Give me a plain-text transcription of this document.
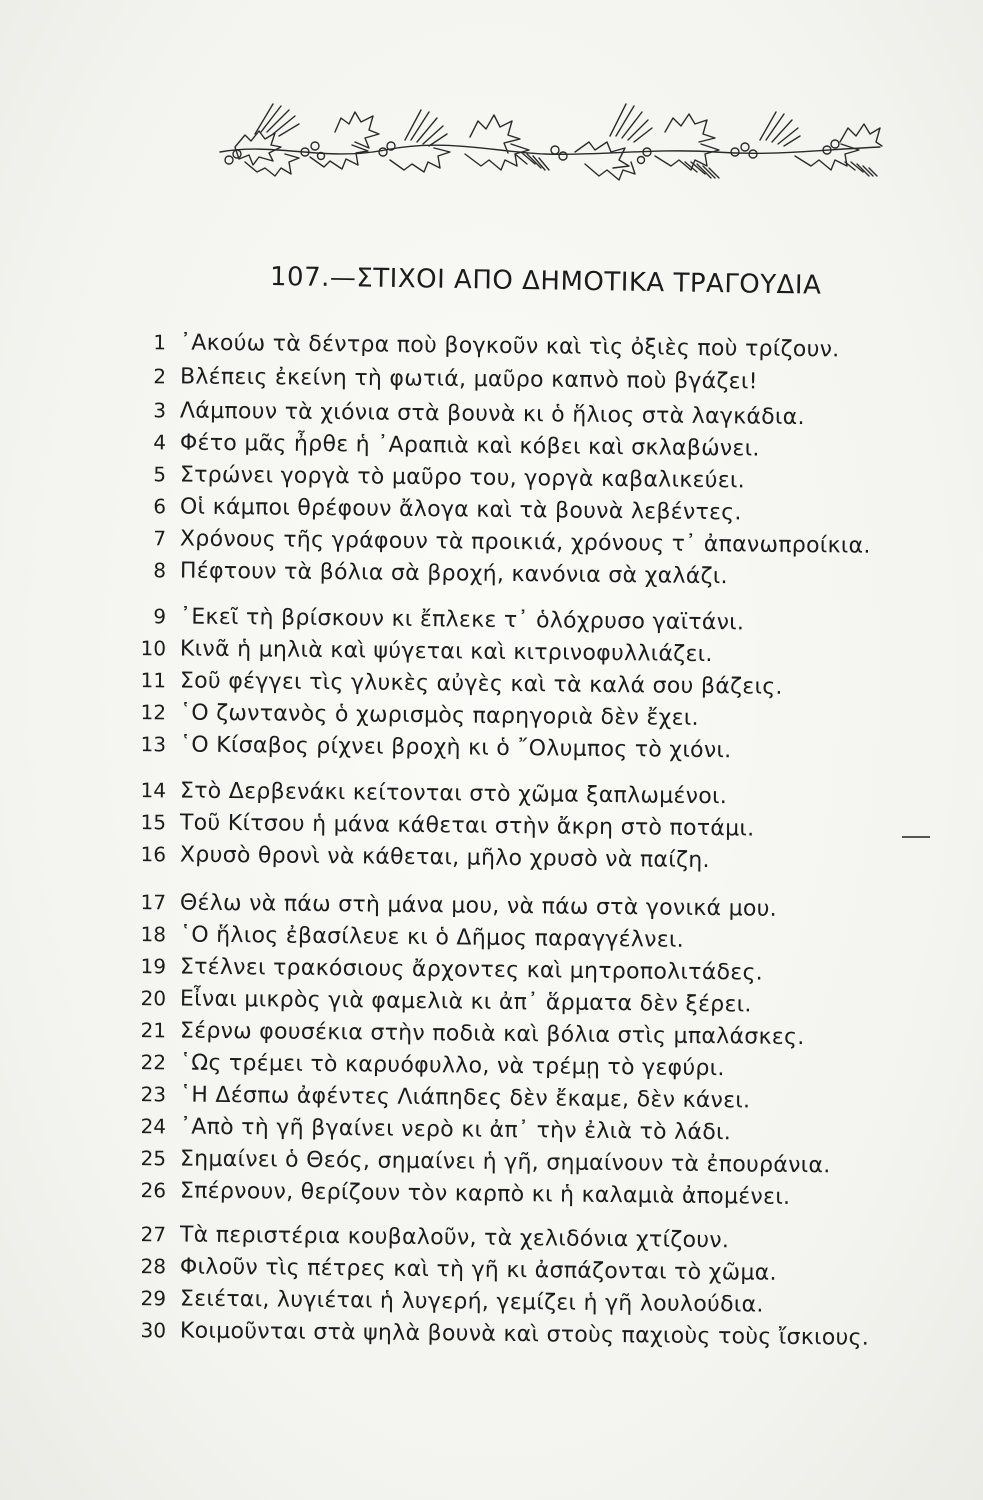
107.—ΣΤΙΧΟΙ ΑΠΟ ΔΗΜΟΤΙΚΑ ΤΡΑΓΟΥΔΙΑ
1 ᾿Ακούω τὰ δέντρα ποὺ βογκοῦν καὶ τὶς ὀξιὲς ποὺ τρίζουν.
2 Βλέπεις ἐκείνη τὴ φωτιά, μαῦρο καπνὸ ποὺ βγάζει!
3 Λάμπουν τὰ χιόνια στὰ βουνὰ κι ὁ ἥλιος στὰ λαγκάδια.
4 Φέτο μᾶς ἦρθε ἡ ᾿Αραπιὰ καὶ κόβει καὶ σκλαβώνει.
5 Στρώνει γοργὰ τὸ μαῦρο του, γοργὰ καβαλικεύει.
6 Οἱ κάμποι θρέφουν ἄλογα καὶ τὰ βουνὰ λεβέντες.
7 Χρόνους τῆς γράφουν τὰ προικιά, χρόνους τ᾿ ἀπανωπροίκια.
8 Πέφτουν τὰ βόλια σὰ βροχή, κανόνια σὰ χαλάζι.
9 ᾿Εκεῖ τὴ βρίσκουν κι ἔπλεκε τ᾿ ὁλόχρυσο γαϊτάνι.
10 Κινᾶ ἡ μηλιὰ καὶ ψύγεται καὶ κιτρινοφυλλιάζει.
11 Σοῦ φέγγει τὶς γλυκὲς αὐγὲς καὶ τὰ καλά σου βάζεις.
12 ῾Ο ζωντανὸς ὁ χωρισμὸς παρηγοριὰ δὲν ἔχει.
13 ῾Ο Κίσαβος ρίχνει βροχὴ κι ὁ ῎Ολυμπος τὸ χιόνι.
14 Στὸ Δερβενάκι κείτονται στὸ χῶμα ξαπλωμένοι.
15 Τοῦ Κίτσου ἡ μάνα κάθεται στὴν ἄκρη στὸ ποτάμι.
16 Χρυσὸ θρονὶ νὰ κάθεται, μῆλο χρυσὸ νὰ παίζη.
17 Θέλω νὰ πάω στὴ μάνα μου, νὰ πάω στὰ γονικά μου.
18 ῾Ο ἥλιος ἐβασίλευε κι ὁ Δῆμος παραγγέλνει.
19 Στέλνει τρακόσιους ἄρχοντες καὶ μητροπολιτάδες.
20 Εἶναι μικρὸς γιὰ φαμελιὰ κι ἀπ᾿ ἅρματα δὲν ξέρει.
21 Σέρνω φουσέκια στὴν ποδιὰ καὶ βόλια στὶς μπαλάσκες.
22 ῾Ως τρέμει τὸ καρυόφυλλο, νὰ τρέμῃ τὸ γεφύρι.
23 ῾Η Δέσπω ἀφέντες Λιάπηδες δὲν ἔκαμε, δὲν κάνει.
24 ᾿Απὸ τὴ γῆ βγαίνει νερὸ κι ἀπ᾿ τὴν ἐλιὰ τὸ λάδι.
25 Σημαίνει ὁ Θεός, σημαίνει ἡ γῆ, σημαίνουν τὰ ἐπουράνια.
26 Σπέρνουν, θερίζουν τὸν καρπὸ κι ἡ καλαμιὰ ἀπομένει.
27 Τὰ περιστέρια κουβαλοῦν, τὰ χελιδόνια χτίζουν.
28 Φιλοῦν τὶς πέτρες καὶ τὴ γῆ κι ἀσπάζονται τὸ χῶμα.
29 Σειέται, λυγιέται ἡ λυγερή, γεμίζει ἡ γῆ λουλούδια.
30 Κοιμοῦνται στὰ ψηλὰ βουνὰ καὶ στοὺς παχιοὺς τοὺς ἴσκιους.
